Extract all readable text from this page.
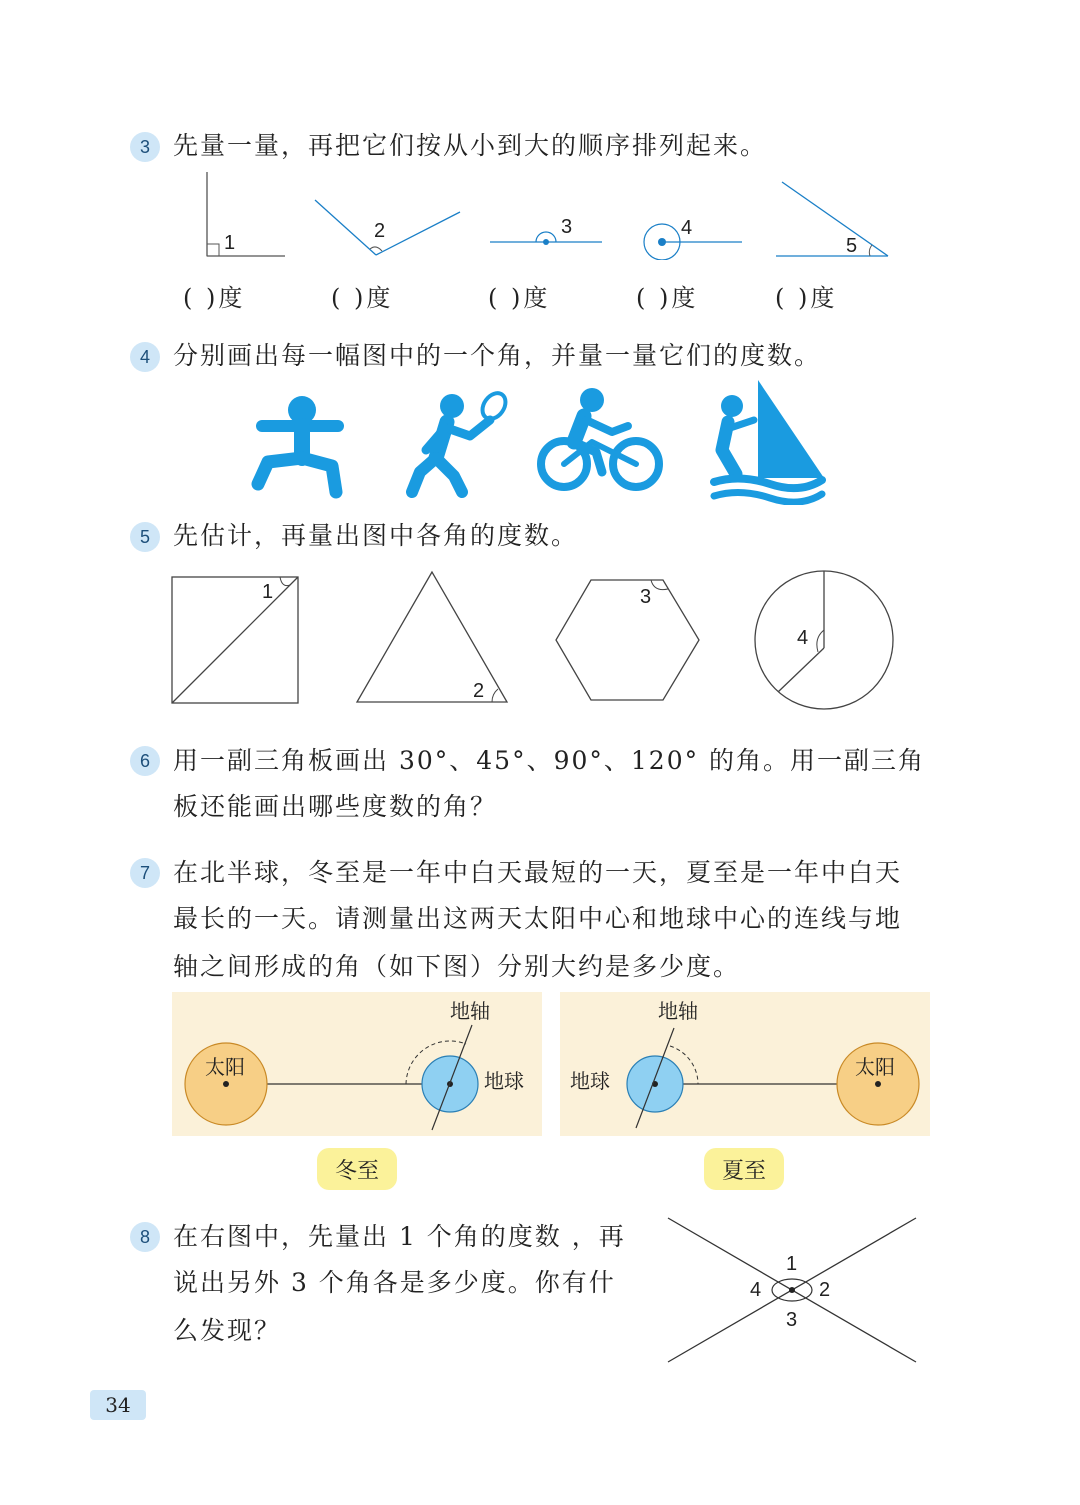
3 先量一量，再把它们按从小到大的顺序排列起来。
1
2	3	4
5
( )度	( )度	( )度	( )度	( )度
4 分别画出每一幅图中的一个角，并量一量它们的度数。
5 先估计，再量出图中各角的度数。
1
2
3
4
6 用一副三角板画出 30°、45°、90°、120° 的角。用一副三角
板还能画出哪些度数的角？
7 在北半球，冬至是一年中白天最短的一天，夏至是一年中白天
最长的一天。请测量出这两天太阳中心和地球中心的连线与地
轴之间形成的角（如下图）分别大约是多少度。
地轴
太阳
地球
冬至
地轴
地球
太阳
夏至
8 在右图中，先量出 1 个角的度数 ，再
说出另外 3 个角各是多少度。你有什
么发现？
1
2
3
4
34
